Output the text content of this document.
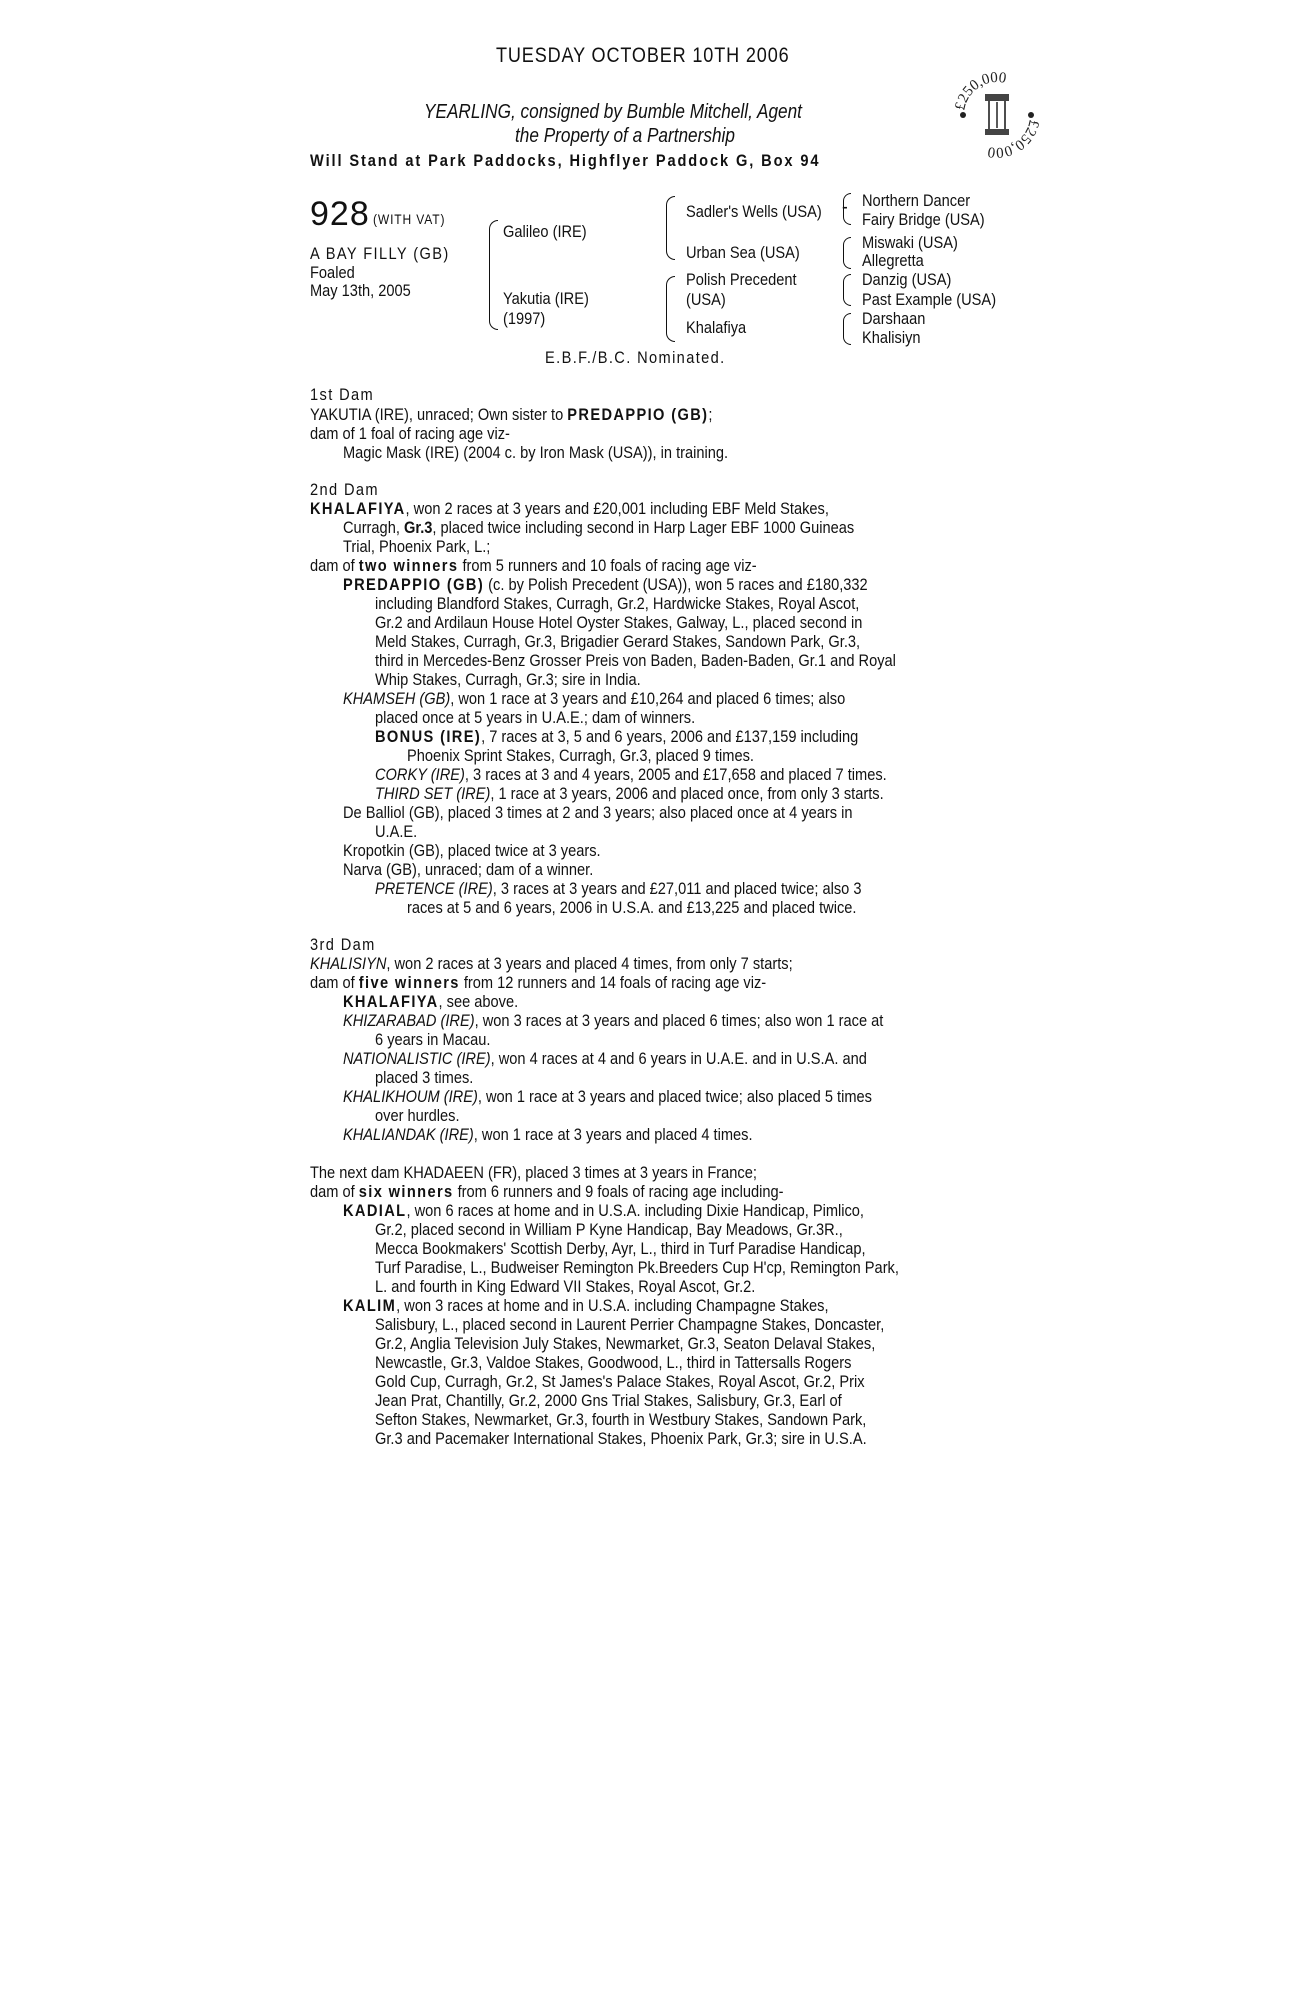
TUESDAY OCTOBER 10TH 2006
YEARLING, consigned by Bumble Mitchell, Agent
the Property of a Partnership
Will Stand at Park Paddocks, Highflyer Paddock G, Box 94
£250,000
£250,000
928 (WITH VAT)
A BAY FILLY (GB)
Foaled
May 13th, 2005
Galileo (IRE)
Yakutia (IRE)
(1997)
Sadler's Wells (USA) -
Urban Sea (USA)
Polish Precedent
(USA)
Khalafiya
Northern Dancer
Fairy Bridge (USA)
Miswaki (USA)
Allegretta
Danzig (USA)
Past Example (USA)
Darshaan
Khalisiyn
E.B.F./B.C. Nominated.
1st Dam
YAKUTIA (IRE), unraced; Own sister to PREDAPPIO (GB);
dam of 1 foal of racing age viz-
Magic Mask (IRE) (2004 c. by Iron Mask (USA)), in training.
2nd Dam
KHALAFIYA, won 2 races at 3 years and £20,001 including EBF Meld Stakes,
Curragh, Gr.3, placed twice including second in Harp Lager EBF 1000 Guineas
Trial, Phoenix Park, L.;
dam of two winners from 5 runners and 10 foals of racing age viz-
PREDAPPIO (GB) (c. by Polish Precedent (USA)), won 5 races and £180,332
including Blandford Stakes, Curragh, Gr.2, Hardwicke Stakes, Royal Ascot,
Gr.2 and Ardilaun House Hotel Oyster Stakes, Galway, L., placed second in
Meld Stakes, Curragh, Gr.3, Brigadier Gerard Stakes, Sandown Park, Gr.3,
third in Mercedes-Benz Grosser Preis von Baden, Baden-Baden, Gr.1 and Royal
Whip Stakes, Curragh, Gr.3; sire in India.
KHAMSEH (GB), won 1 race at 3 years and £10,264 and placed 6 times; also
placed once at 5 years in U.A.E.; dam of winners.
BONUS (IRE), 7 races at 3, 5 and 6 years, 2006 and £137,159 including
Phoenix Sprint Stakes, Curragh, Gr.3, placed 9 times.
CORKY (IRE), 3 races at 3 and 4 years, 2005 and £17,658 and placed 7 times.
THIRD SET (IRE), 1 race at 3 years, 2006 and placed once, from only 3 starts.
De Balliol (GB), placed 3 times at 2 and 3 years; also placed once at 4 years in
U.A.E.
Kropotkin (GB), placed twice at 3 years.
Narva (GB), unraced; dam of a winner.
PRETENCE (IRE), 3 races at 3 years and £27,011 and placed twice; also 3
races at 5 and 6 years, 2006 in U.S.A. and £13,225 and placed twice.
3rd Dam
KHALISIYN, won 2 races at 3 years and placed 4 times, from only 7 starts;
dam of five winners from 12 runners and 14 foals of racing age viz-
KHALAFIYA, see above.
KHIZARABAD (IRE), won 3 races at 3 years and placed 6 times; also won 1 race at
6 years in Macau.
NATIONALISTIC (IRE), won 4 races at 4 and 6 years in U.A.E. and in U.S.A. and
placed 3 times.
KHALIKHOUM (IRE), won 1 race at 3 years and placed twice; also placed 5 times
over hurdles.
KHALIANDAK (IRE), won 1 race at 3 years and placed 4 times.
The next dam KHADAEEN (FR), placed 3 times at 3 years in France;
dam of six winners from 6 runners and 9 foals of racing age including-
KADIAL, won 6 races at home and in U.S.A. including Dixie Handicap, Pimlico,
Gr.2, placed second in William P Kyne Handicap, Bay Meadows, Gr.3R.,
Mecca Bookmakers' Scottish Derby, Ayr, L., third in Turf Paradise Handicap,
Turf Paradise, L., Budweiser Remington Pk.Breeders Cup H'cp, Remington Park,
L. and fourth in King Edward VII Stakes, Royal Ascot, Gr.2.
KALIM, won 3 races at home and in U.S.A. including Champagne Stakes,
Salisbury, L., placed second in Laurent Perrier Champagne Stakes, Doncaster,
Gr.2, Anglia Television July Stakes, Newmarket, Gr.3, Seaton Delaval Stakes,
Newcastle, Gr.3, Valdoe Stakes, Goodwood, L., third in Tattersalls Rogers
Gold Cup, Curragh, Gr.2, St James's Palace Stakes, Royal Ascot, Gr.2, Prix
Jean Prat, Chantilly, Gr.2, 2000 Gns Trial Stakes, Salisbury, Gr.3, Earl of
Sefton Stakes, Newmarket, Gr.3, fourth in Westbury Stakes, Sandown Park,
Gr.3 and Pacemaker International Stakes, Phoenix Park, Gr.3; sire in U.S.A.
